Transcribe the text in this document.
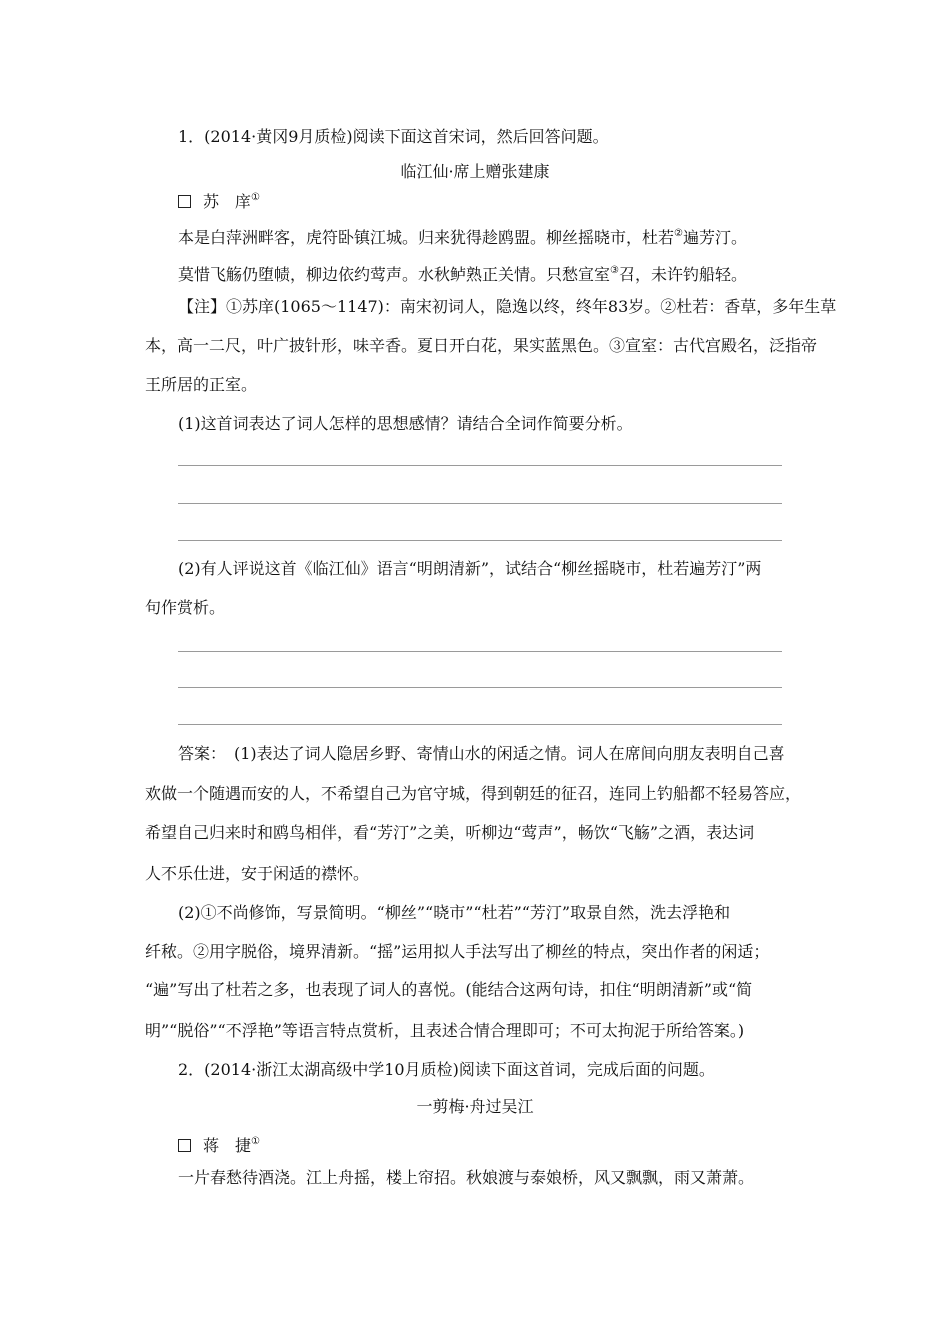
1．(2014·黄冈9月质检)阅读下面这首宋词，然后回答问题。
临江仙·席上赠张建康
苏　庠①
本是白萍洲畔客，虎符卧镇江城。归来犹得趁鸥盟。柳丝摇晓市，杜若②遍芳汀。
莫惜飞觞仍堕帻，柳边依约莺声。水秋鲈熟正关情。只愁宣室③召，未许钓船轻。
【注】①苏庠(1065～1147)：南宋初词人，隐逸以终，终年83岁。②杜若：香草，多年生草
本，高一二尺，叶广披针形，味辛香。夏日开白花，果实蓝黑色。③宣室：古代宫殿名，泛指帝
王所居的正室。
(1)这首词表达了词人怎样的思想感情？请结合全词作简要分析。
(2)有人评说这首《临江仙》语言“明朗清新”，试结合“柳丝摇晓市，杜若遍芳汀”两
句作赏析。
答案：　(1)表达了词人隐居乡野、寄情山水的闲适之情。词人在席间向朋友表明自己喜
欢做一个随遇而安的人，不希望自己为官守城，得到朝廷的征召，连同上钓船都不轻易答应，
希望自己归来时和鸥鸟相伴，看“芳汀”之美，听柳边“莺声”，畅饮“飞觞”之酒，表达词
人不乐仕进，安于闲适的襟怀。
(2)①不尚修饰，写景简明。“柳丝”“晓市”“杜若”“芳汀”取景自然，洗去浮艳和
纤秾。②用字脱俗，境界清新。“摇”运用拟人手法写出了柳丝的特点，突出作者的闲适；
“遍”写出了杜若之多，也表现了词人的喜悦。(能结合这两句诗，扣住“明朗清新”或“简
明”“脱俗”“不浮艳”等语言特点赏析，且表述合情合理即可；不可太拘泥于所给答案。)
2．(2014·浙江太湖高级中学10月质检)阅读下面这首词，完成后面的问题。
一剪梅·舟过吴江
蒋　捷①
一片春愁待酒浇。江上舟摇，楼上帘招。秋娘渡与泰娘桥，风又飘飘，雨又萧萧。
